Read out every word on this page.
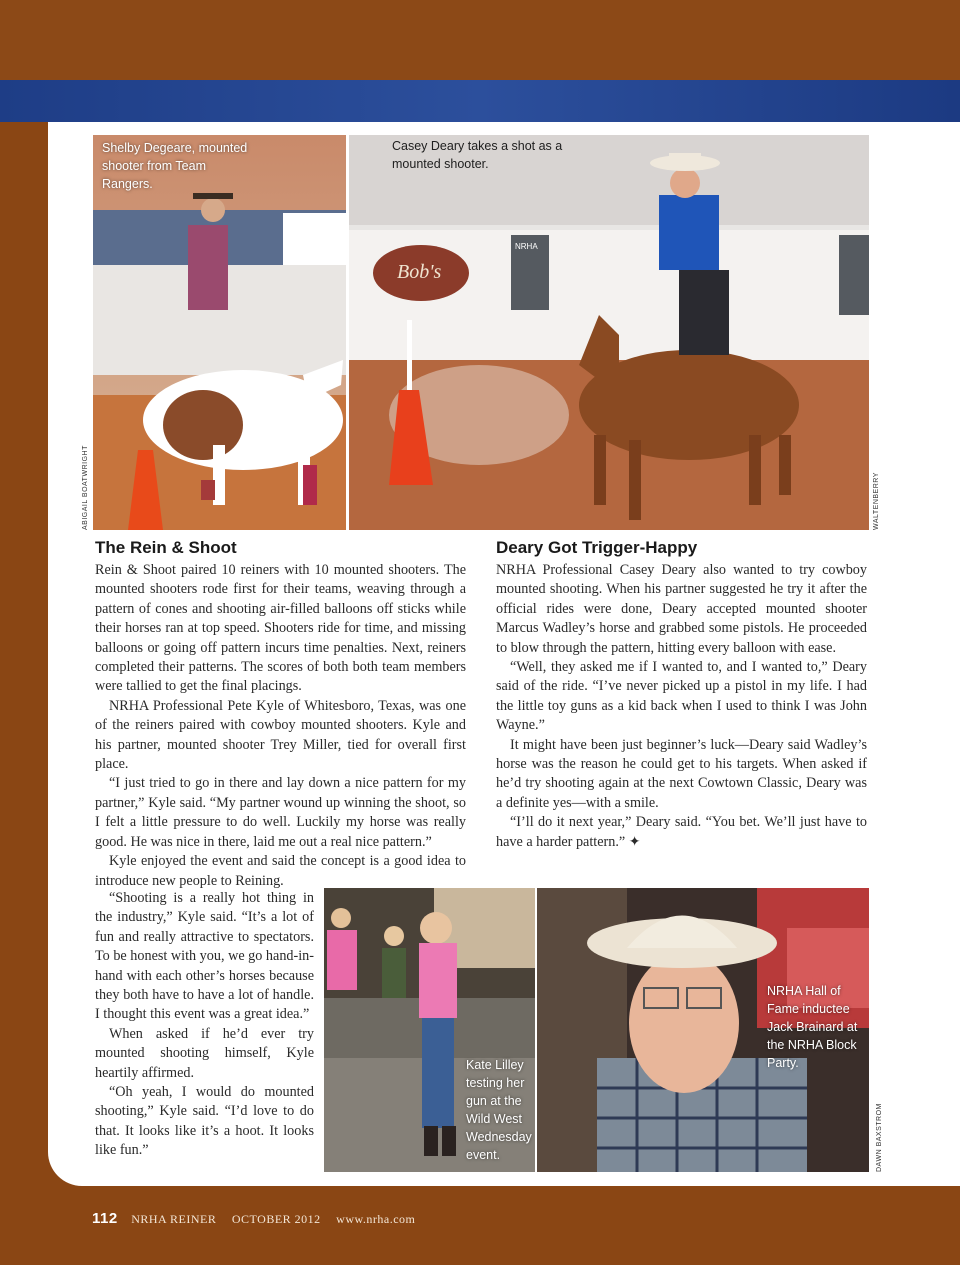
Shelby Degeare, mounted shooter from Team Rangers.
Bob's
NRHA
Casey Deary takes a shot as a mounted shooter.
ABIGAIL BOATWRIGHT	WALTENBERRY
The Rein & Shoot

Rein & Shoot paired 10 reiners with 10 mounted shooters. The mounted shooters rode first for their teams, weaving through a pattern of cones and shooting air-filled balloons off sticks while their horses ran at top speed. Shooters ride for time, and missing balloons or going off pattern incurs time penalties. Next, reiners completed their patterns. The scores of both both team members were tallied to get the final placings.

NRHA Professional Pete Kyle of Whitesboro, Texas, was one of the reiners paired with cowboy mounted shooters. Kyle and his partner, mounted shooter Trey Miller, tied for overall first place.

“I just tried to go in there and lay down a nice pattern for my partner,” Kyle said. “My partner wound up winning the shoot, so I felt a little pressure to do well. Luckily my horse was really good. He was nice in there, laid me out a real nice pattern.”

Kyle enjoyed the event and said the concept is a good idea to introduce new people to Reining.

“Shooting is a really hot thing in the industry,” Kyle said. “It’s a lot of fun and really attractive to spectators. To be honest with you, we go hand-in-hand with each other’s horses because they both have to have a lot of handle. I thought this event was a great idea.”

When asked if he’d ever try mounted shooting himself, Kyle heartily affirmed.

“Oh yeah, I would do mounted shooting,” Kyle said. “I’d love to do that. It looks like it’s a hoot. It looks like fun.”

Deary Got Trigger-Happy

NRHA Professional Casey Deary also wanted to try cowboy mounted shooting. When his partner suggested he try it after the official rides were done, Deary accepted mounted shooter Marcus Wadley’s horse and grabbed some pistols. He proceeded to blow through the pattern, hitting every balloon with ease.

“Well, they asked me if I wanted to, and I wanted to,” Deary said of the ride. “I’ve never picked up a pistol in my life. I had the little toy guns as a kid back when I used to think I was John Wayne.”

It might have been just beginner’s luck—Deary said Wadley’s horse was the reason he could get to his targets. When asked if he’d try shooting again at the next Cowtown Classic, Deary was a definite yes—with a smile.

“I’ll do it next year,” Deary said. “You bet. We’ll just have to have a harder pattern.” ✦

Kate Lilley testing her gun at the Wild West Wednesday event.
NRHA Hall of Fame inductee Jack Brainard at the NRHA Block Party.
DAWN BAXSTROM
112 NRHA REINER OCTOBER 2012 www.nrha.com
